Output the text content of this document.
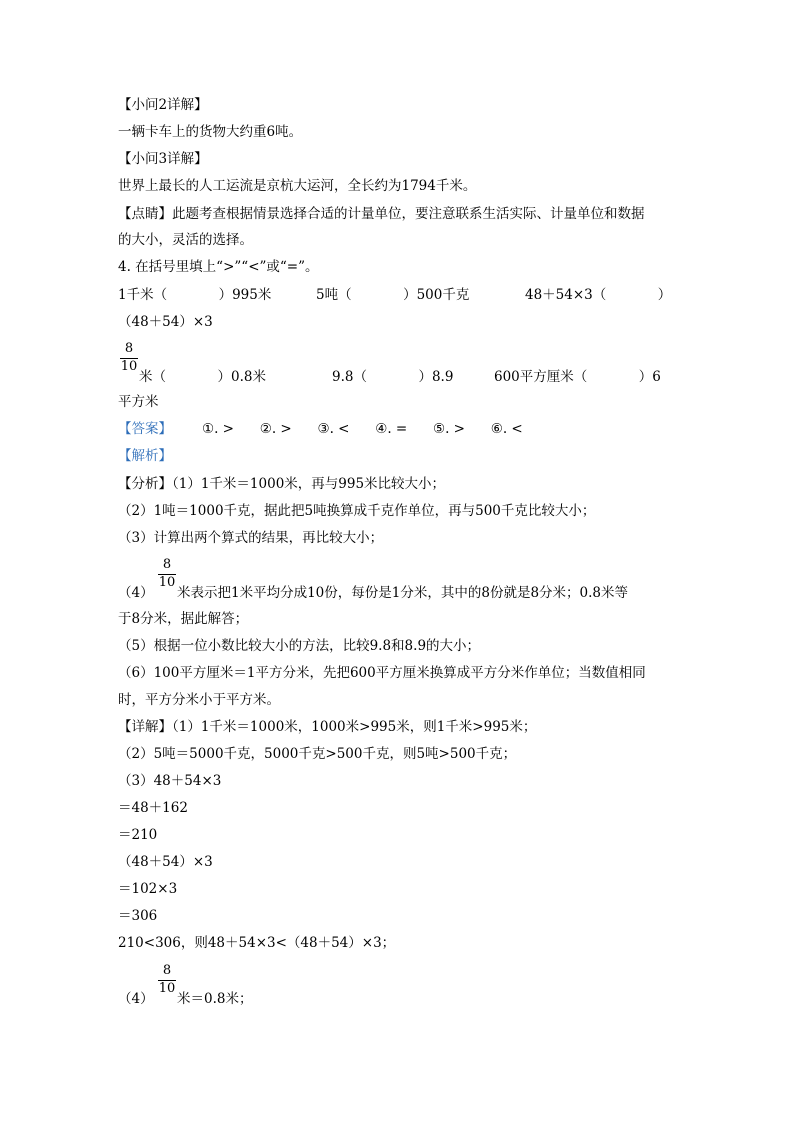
【小问2详解】
一辆卡车上的货物大约重6吨。
【小问3详解】
世界上最长的人工运流是京杭大运河，全长约为1794千米。
【点睛】此题考查根据情景选择合适的计量单位，要注意联系生活实际、计量单位和数据
的大小，灵活的选择。
4. 在括号里填上“>”“<”或“=”。
1千米（            ）995米	5吨（            ）500千克	48＋54×3（            ）
（48＋54）×3
8
10
米（            ）0.8米	9.8（            ）8.9	600平方厘米（            ）6
平方米
【答案】 ①. >      ②. >      ③. <      ④. =      ⑤. >      ⑥. <
【解析】
【分析】（1）1千米＝1000米，再与995米比较大小；
（2）1吨＝1000千克，据此把5吨换算成千克作单位，再与500千克比较大小；
（3）计算出两个算式的结果，再比较大小；
（4）
8
10
米表示把1米平均分成10份，每份是1分米，其中的8份就是8分米；0.8米等
于8分米，据此解答；
（5）根据一位小数比较大小的方法，比较9.8和8.9的大小；
（6）100平方厘米＝1平方分米，先把600平方厘米换算成平方分米作单位；当数值相同
时，平方分米小于平方米。
【详解】（1）1千米＝1000米，1000米>995米，则1千米>995米；
（2）5吨＝5000千克，5000千克>500千克，则5吨>500千克；
（3）48＋54×3
＝48＋162
＝210
（48＋54）×3
＝102×3
＝306
210<306，则48＋54×3<（48＋54）×3；
（4）
8
10
米＝0.8米；
